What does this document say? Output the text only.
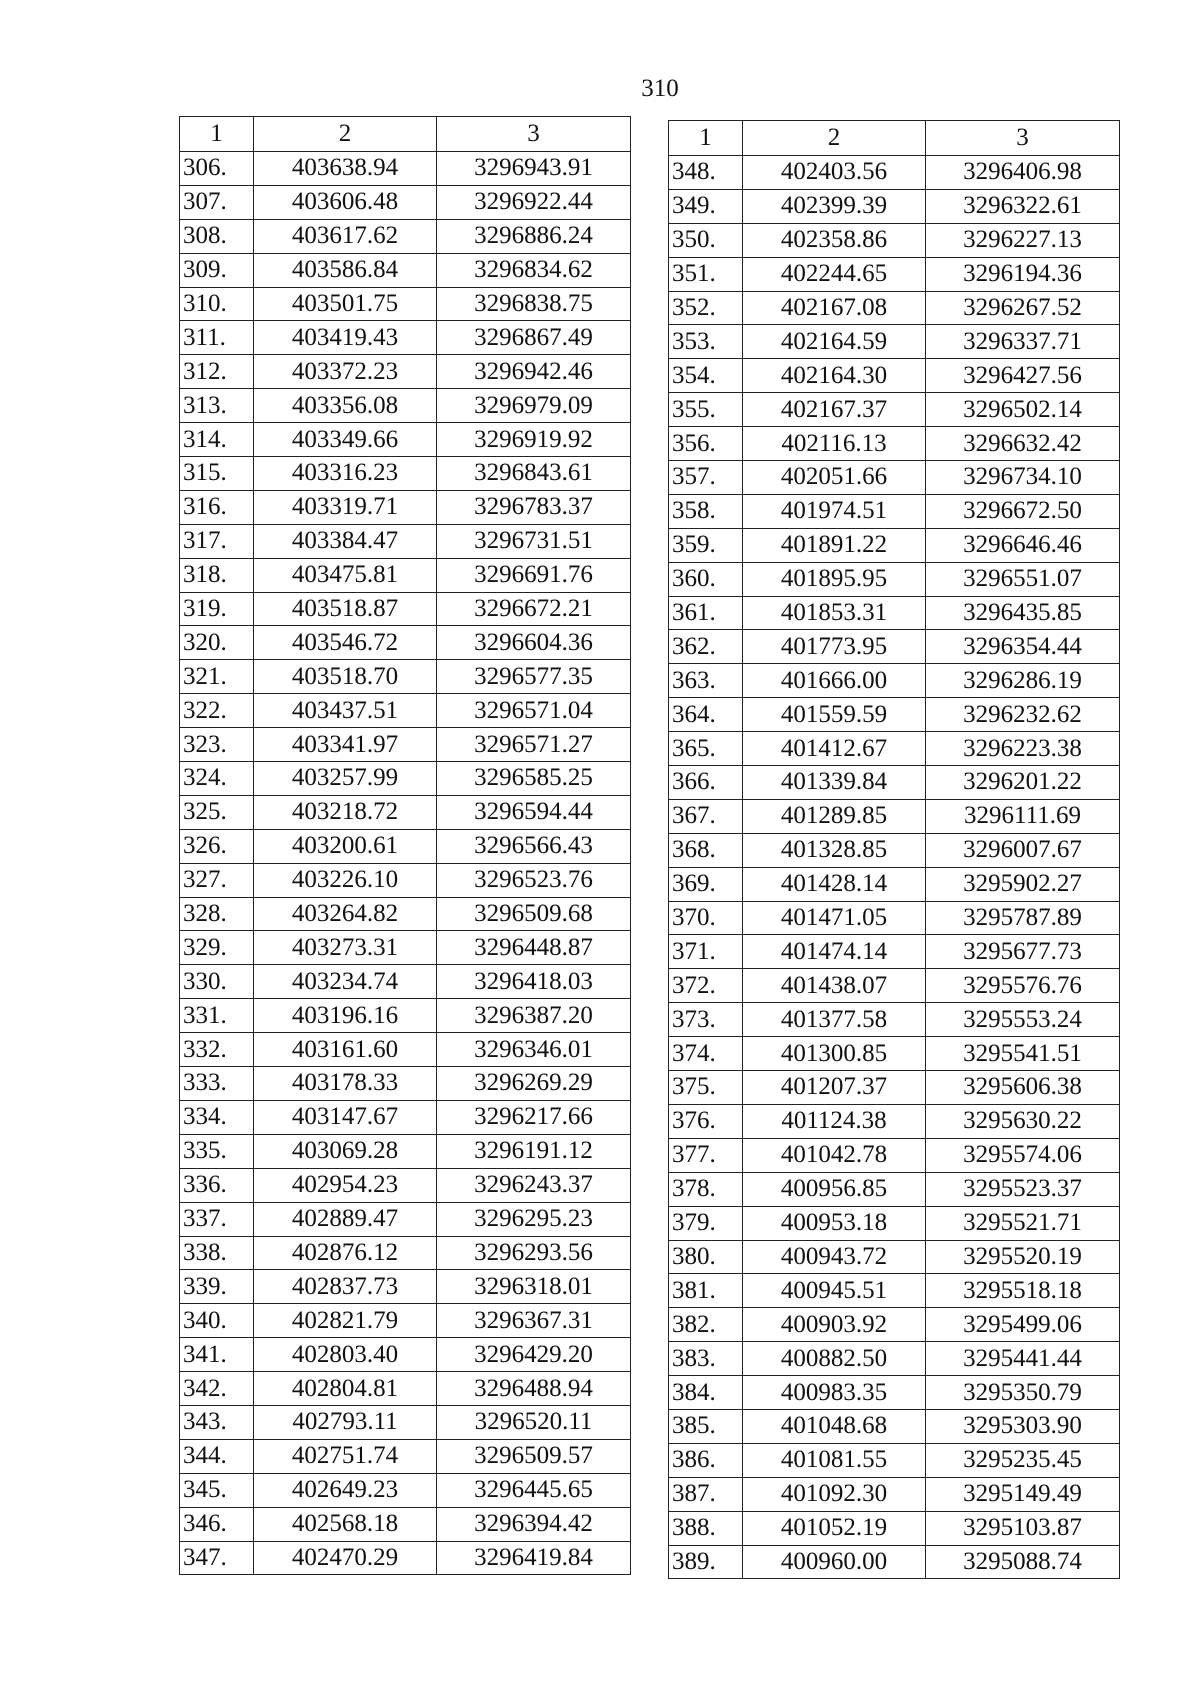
310
1	2	3
306.	403638.94	3296943.91
307.	403606.48	3296922.44
308.	403617.62	3296886.24
309.	403586.84	3296834.62
310.	403501.75	3296838.75
311.	403419.43	3296867.49
312.	403372.23	3296942.46
313.	403356.08	3296979.09
314.	403349.66	3296919.92
315.	403316.23	3296843.61
316.	403319.71	3296783.37
317.	403384.47	3296731.51
318.	403475.81	3296691.76
319.	403518.87	3296672.21
320.	403546.72	3296604.36
321.	403518.70	3296577.35
322.	403437.51	3296571.04
323.	403341.97	3296571.27
324.	403257.99	3296585.25
325.	403218.72	3296594.44
326.	403200.61	3296566.43
327.	403226.10	3296523.76
328.	403264.82	3296509.68
329.	403273.31	3296448.87
330.	403234.74	3296418.03
331.	403196.16	3296387.20
332.	403161.60	3296346.01
333.	403178.33	3296269.29
334.	403147.67	3296217.66
335.	403069.28	3296191.12
336.	402954.23	3296243.37
337.	402889.47	3296295.23
338.	402876.12	3296293.56
339.	402837.73	3296318.01
340.	402821.79	3296367.31
341.	402803.40	3296429.20
342.	402804.81	3296488.94
343.	402793.11	3296520.11
344.	402751.74	3296509.57
345.	402649.23	3296445.65
346.	402568.18	3296394.42
347.	402470.29	3296419.84
1	2	3
348.	402403.56	3296406.98
349.	402399.39	3296322.61
350.	402358.86	3296227.13
351.	402244.65	3296194.36
352.	402167.08	3296267.52
353.	402164.59	3296337.71
354.	402164.30	3296427.56
355.	402167.37	3296502.14
356.	402116.13	3296632.42
357.	402051.66	3296734.10
358.	401974.51	3296672.50
359.	401891.22	3296646.46
360.	401895.95	3296551.07
361.	401853.31	3296435.85
362.	401773.95	3296354.44
363.	401666.00	3296286.19
364.	401559.59	3296232.62
365.	401412.67	3296223.38
366.	401339.84	3296201.22
367.	401289.85	3296111.69
368.	401328.85	3296007.67
369.	401428.14	3295902.27
370.	401471.05	3295787.89
371.	401474.14	3295677.73
372.	401438.07	3295576.76
373.	401377.58	3295553.24
374.	401300.85	3295541.51
375.	401207.37	3295606.38
376.	401124.38	3295630.22
377.	401042.78	3295574.06
378.	400956.85	3295523.37
379.	400953.18	3295521.71
380.	400943.72	3295520.19
381.	400945.51	3295518.18
382.	400903.92	3295499.06
383.	400882.50	3295441.44
384.	400983.35	3295350.79
385.	401048.68	3295303.90
386.	401081.55	3295235.45
387.	401092.30	3295149.49
388.	401052.19	3295103.87
389.	400960.00	3295088.74
